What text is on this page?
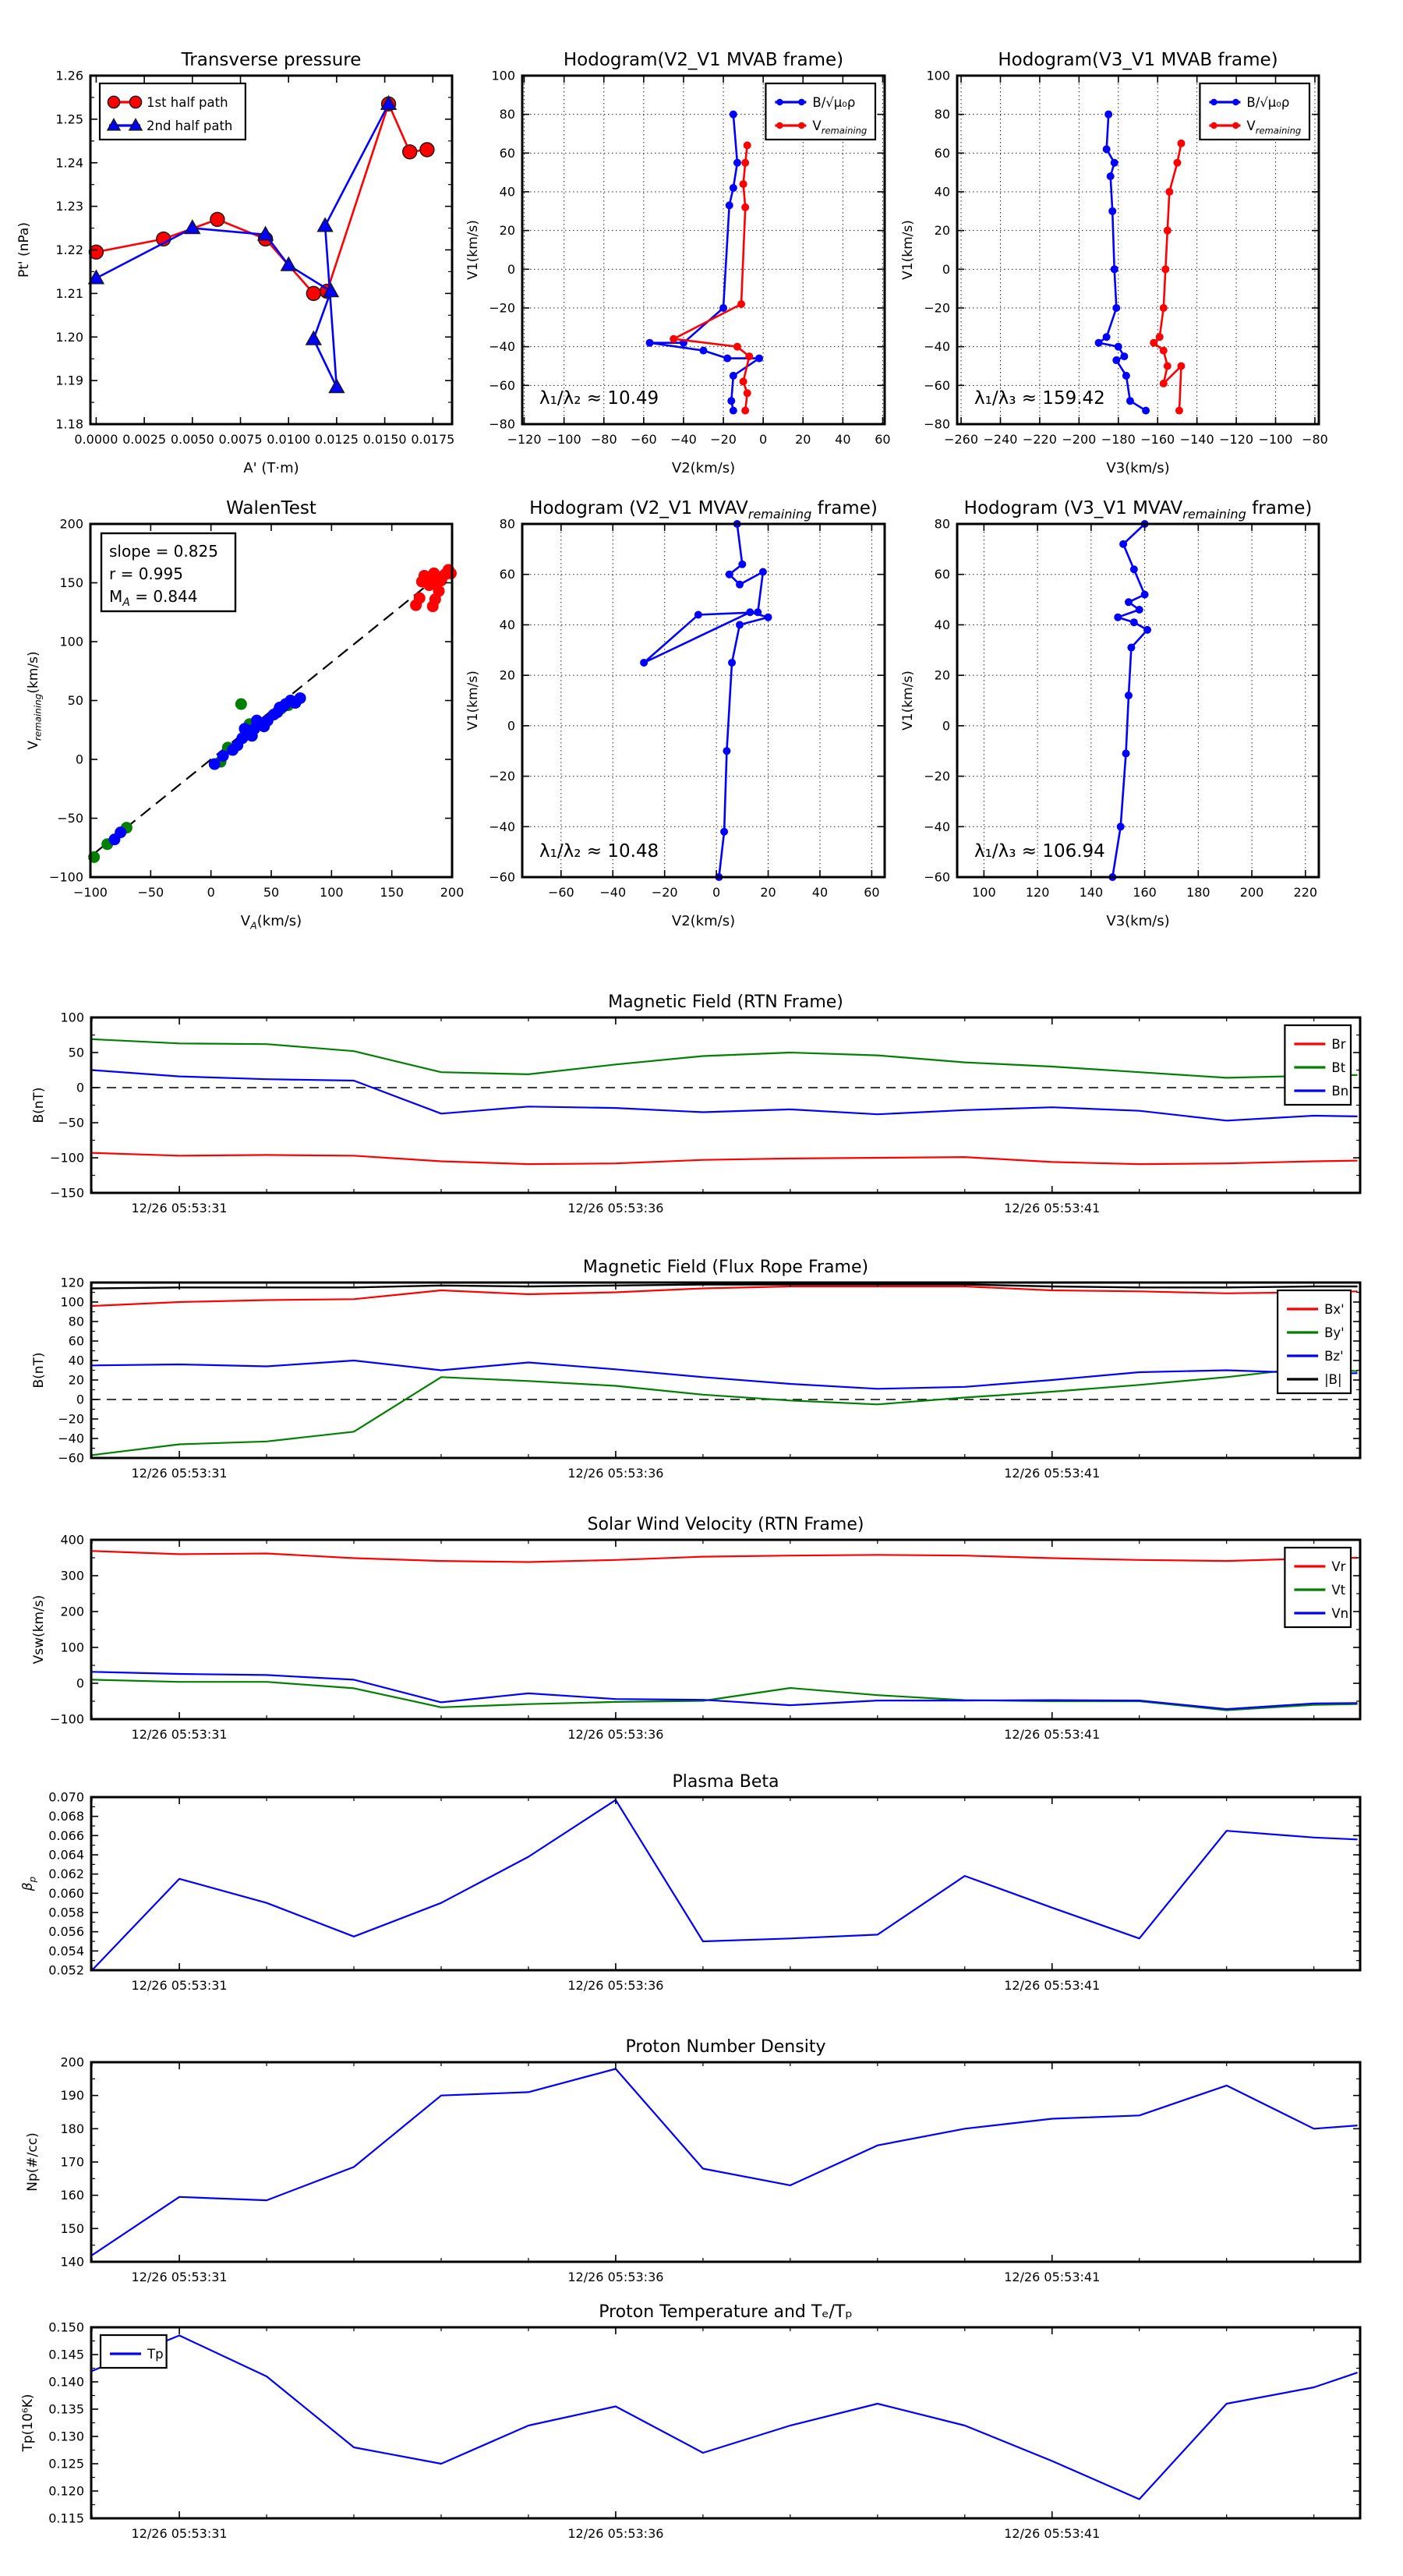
0.0000 0.0025 0.0050 0.0075 0.0100 0.0125 0.0150 0.0175
1.18
1.19
1.20
1.21
1.22
1.23
1.24
1.25
1.26
Transverse pressure
A' (T·m)
Pt' (nPa)
1st half path
2nd half path
−120 −100 −80 −60 −40 −20 0 20 40 60
−80
−60
−40
−20
0
20
40
60
80
100
Hodogram(V2_V1 MVAB frame)
V2(km/s)
V1(km/s)
B/√μ₀ρ
$V_{remaining}$
λ₁/λ₂ ≈ 10.49
−260 −240 −220 −200 −180 −160 −140 −120 −100 −80
−80
−60
−40
−20
0
20
40
60
80
100
Hodogram(V3_V1 MVAB frame)
V3(km/s)
V1(km/s)
B/√μ₀ρ
$V_{remaining}$
λ₁/λ₃ ≈ 159.42
−100 −50	0	50	100	150	200
−100
−50
0
50
100
150
200
WalenTest
$V_A(km/s)$
$V_{remaining}(km/s)$
slope = 0.825
r = 0.995
$M_A = 0.844$
−60 −40 −20	0	20	40	60
−60
−40
−20
0
20
40
60
80
Hodogram (V2_V1 $MVAV_{remaining}$ frame)
V2(km/s)
V1(km/s)
λ₁/λ₂ ≈ 10.48
100 120 140 160 180 200 220
−60
−40
−20
0
20
40
60
80
Hodogram (V3_V1 $MVAV_{remaining}$ frame)
V3(km/s)
V1(km/s)
λ₁/λ₃ ≈ 106.94
12/26 05:53:31	12/26 05:53:36	12/26 05:53:41
−150
−100
−50
0
50
100
Magnetic Field (RTN Frame)
B(nT)
Br
Bt
Bn
12/26 05:53:31	12/26 05:53:36	12/26 05:53:41
−60
−40
−20
0
20
40
60
80
100
120
Magnetic Field (Flux Rope Frame)
B(nT)
Bx'
By'
Bz'
|B|
12/26 05:53:31	12/26 05:53:36	12/26 05:53:41
−100
0
100
200
300
400
Solar Wind Velocity (RTN Frame)
Vsw(km/s)
Vr
Vt
Vn
12/26 05:53:31	12/26 05:53:36	12/26 05:53:41
0.052
0.054
0.056
0.058
0.060
0.062
0.064
0.066
0.068
0.070
Plasma Beta
$\beta_p$
12/26 05:53:31	12/26 05:53:36	12/26 05:53:41
140
150
160
170
180
190
200
Proton Number Density
Np(#/cc)
12/26 05:53:31	12/26 05:53:36	12/26 05:53:41
0.115
0.120
0.125
0.130
0.135
0.140
0.145
0.150
Proton Temperature and Tₑ/Tₚ
Tp(10⁶K)
Tp
